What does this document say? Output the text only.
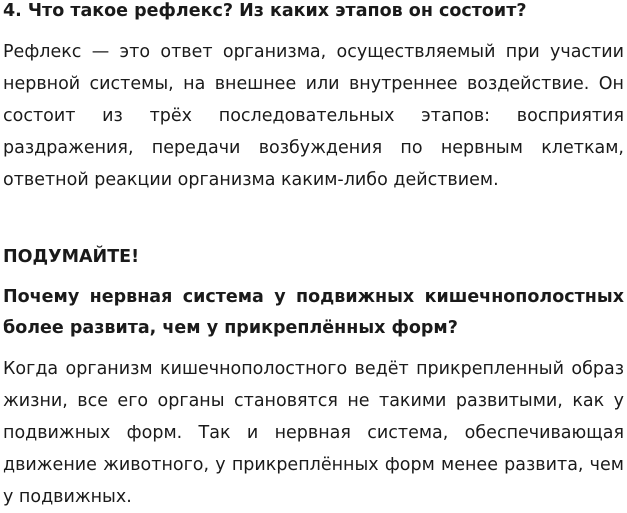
4. Что такое рефлекс? Из каких этапов он состоит?

Рефлекс — это ответ организма, осуществляемый при участии нервной системы, на внешнее или внутреннее воздействие. Он состоит из трёх последовательных этапов: восприятия раздражения, передачи возбуждения по нервным клеткам, ответной реакции организма каким-либо действием.

ПОДУМАЙТЕ!
Почему нервная система у подвижных кишечнополостных более развита, чем у прикреплённых форм?

Когда организм кишечнополостного ведёт прикрепленный образ жизни, все его органы становятся не такими развитыми, как у подвижных форм. Так и нервная система, обеспечивающая движение животного, у прикреплённых форм менее развита, чем у подвижных.
